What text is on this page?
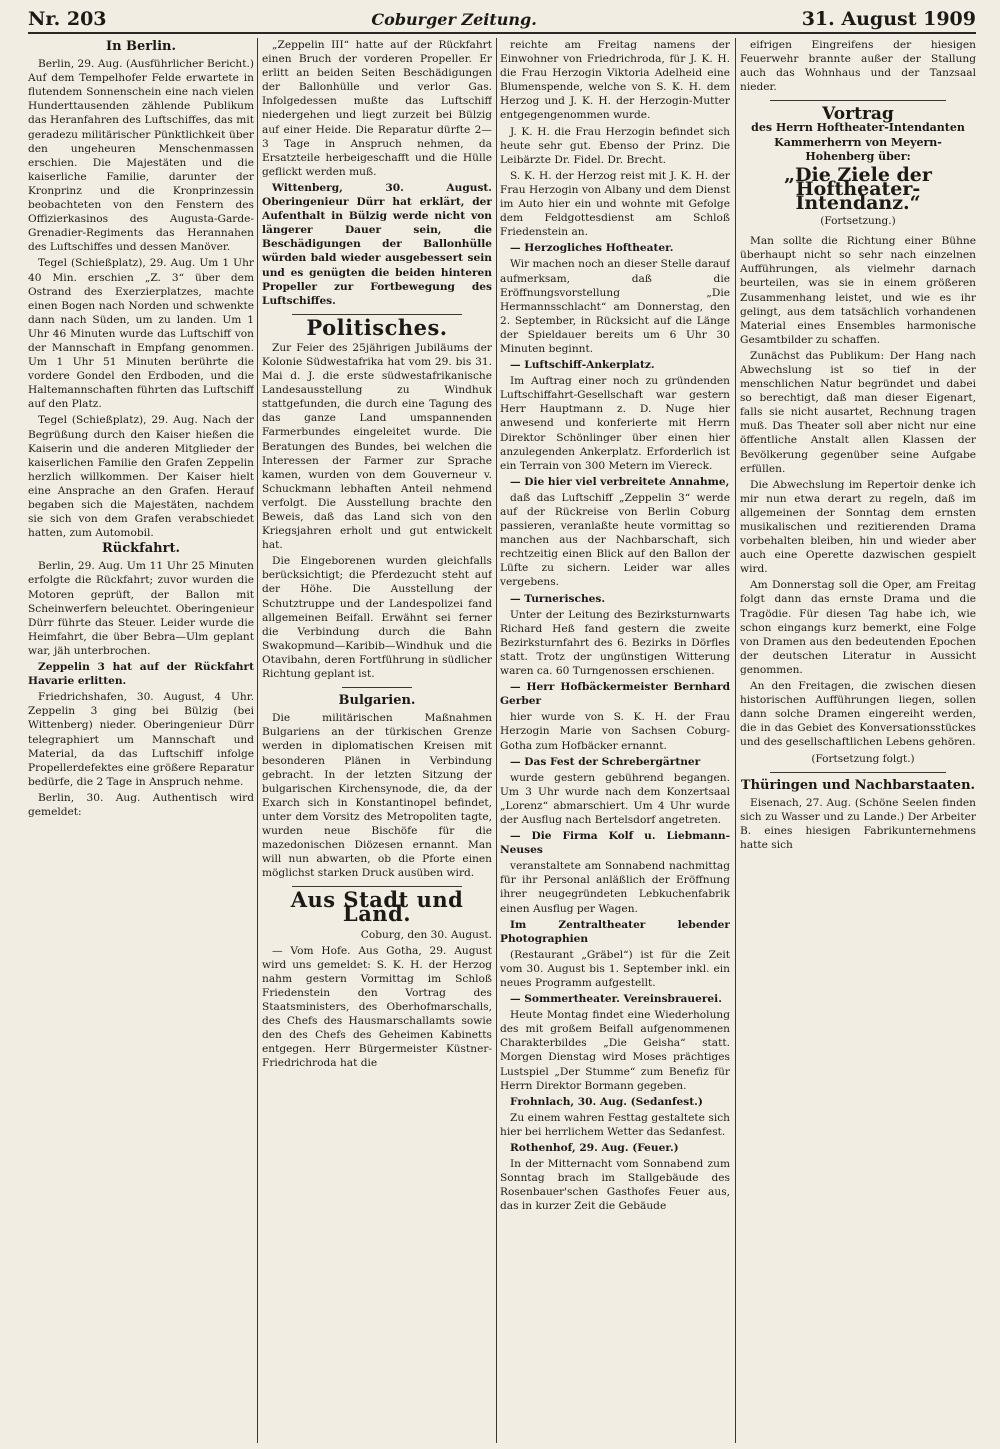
Nr. 203	Coburger Zeitung.	31. August 1909
In Berlin.

Berlin, 29. Aug. (Ausführlicher Bericht.) Auf dem Tempelhofer Felde erwartete in flutendem Sonnenschein eine nach vielen Hunderttausenden zählende Publikum das Heranfahren des Luftschiffes, das mit geradezu militärischer Pünktlichkeit über den ungeheuren Menschenmassen erschien. Die Majestäten und die kaiserliche Familie, darunter der Kronprinz und die Kronprinzessin beobachteten von den Fenstern des Offizierkasinos des Augusta-Garde-Grenadier-Regiments das Herannahen des Luftschiffes und dessen Manöver.

Tegel (Schießplatz), 29. Aug. Um 1 Uhr 40 Min. erschien „Z. 3“ über dem Ostrand des Exerzierplatzes, machte einen Bogen nach Norden und schwenkte dann nach Süden, um zu landen. Um 1 Uhr 46 Minuten wurde das Luftschiff von der Mannschaft in Empfang genommen. Um 1 Uhr 51 Minuten berührte die vordere Gondel den Erdboden, und die Haltemannschaften führten das Luftschiff auf den Platz.

Tegel (Schießplatz), 29. Aug. Nach der Begrüßung durch den Kaiser hießen die Kaiserin und die anderen Mitglieder der kaiserlichen Familie den Grafen Zeppelin herzlich willkommen. Der Kaiser hielt eine Ansprache an den Grafen. Herauf begaben sich die Majestäten, nachdem sie sich von dem Grafen verabschiedet hatten, zum Automobil.

Rückfahrt.

Berlin, 29. Aug. Um 11 Uhr 25 Minuten erfolgte die Rückfahrt; zuvor wurden die Motoren geprüft, der Ballon mit Scheinwerfern beleuchtet. Oberingenieur Dürr führte das Steuer. Leider wurde die Heimfahrt, die über Bebra—Ulm geplant war, jäh unterbrochen.

Zeppelin 3 hat auf der Rückfahrt Havarie erlitten.

Friedrichshafen, 30. August, 4 Uhr. Zeppelin 3 ging bei Bülzig (bei Wittenberg) nieder. Oberingenieur Dürr telegraphiert um Mannschaft und Material, da das Luftschiff infolge Propellerdefektes eine größere Reparatur bedürfe, die 2 Tage in Anspruch nehme.

Berlin, 30. Aug. Authentisch wird gemeldet:

„Zeppelin III“ hatte auf der Rückfahrt einen Bruch der vorderen Propeller. Er erlitt an beiden Seiten Beschädigungen der Ballonhülle und verlor Gas. Infolgedessen mußte das Luftschiff niedergehen und liegt zurzeit bei Bülzig auf einer Heide. Die Reparatur dürfte 2—3 Tage in Anspruch nehmen, da Ersatzteile herbeigeschafft und die Hülle geflickt werden muß.

Wittenberg, 30. August. Oberingenieur Dürr hat erklärt, der Aufenthalt in Bülzig werde nicht von längerer Dauer sein, die Beschädigungen der Ballonhülle würden bald wieder ausgebessert sein und es genügten die beiden hinteren Propeller zur Fortbewegung des Luftschiffes.

Politisches.

Zur Feier des 25jährigen Jubiläums der Kolonie Südwestafrika hat vom 29. bis 31. Mai d. J. die erste südwestafrikanische Landesausstellung zu Windhuk stattgefunden, die durch eine Tagung des das ganze Land umspannenden Farmerbundes eingeleitet wurde. Die Beratungen des Bundes, bei welchen die Interessen der Farmer zur Sprache kamen, wurden von dem Gouverneur v. Schuckmann lebhaften Anteil nehmend verfolgt. Die Ausstellung brachte den Beweis, daß das Land sich von den Kriegsjahren erholt und gut entwickelt hat.

Die Eingeborenen wurden gleichfalls berücksichtigt; die Pferdezucht steht auf der Höhe. Die Ausstellung der Schutztruppe und der Landespolizei fand allgemeinen Beifall. Erwähnt sei ferner die Verbindung durch die Bahn Swakopmund—Karibib—Windhuk und die Otavibahn, deren Fortführung in südlicher Richtung geplant ist.

Bulgarien.

Die militärischen Maßnahmen Bulgariens an der türkischen Grenze werden in diplomatischen Kreisen mit besonderen Plänen in Verbindung gebracht. In der letzten Sitzung der bulgarischen Kirchensynode, die, da der Exarch sich in Konstantinopel befindet, unter dem Vorsitz des Metropoliten tagte, wurden neue Bischöfe für die mazedonischen Diözesen ernannt. Man will nun abwarten, ob die Pforte einen möglichst starken Druck ausüben wird.

Aus Stadt und Land.

Coburg, den 30. August.

— Vom Hofe. Aus Gotha, 29. August wird uns gemeldet: S. K. H. der Herzog nahm gestern Vormittag im Schloß Friedenstein den Vortrag des Staatsministers, des Oberhofmarschalls, des Chefs des Hausmarschallamts sowie den des Chefs des Geheimen Kabinetts entgegen. Herr Bürgermeister Küstner-Friedrichroda hat die

reichte am Freitag namens der Einwohner von Friedrichroda, für J. K. H. die Frau Herzogin Viktoria Adelheid eine Blumenspende, welche von S. K. H. dem Herzog und J. K. H. der Herzogin-Mutter entgegengenommen wurde.

J. K. H. die Frau Herzogin befindet sich heute sehr gut. Ebenso der Prinz. Die Leibärzte Dr. Fidel. Dr. Brecht.

S. K. H. der Herzog reist mit J. K. H. der Frau Herzogin von Albany und dem Dienst im Auto hier ein und wohnte mit Gefolge dem Feldgottesdienst am Schloß Friedenstein an.

— Herzogliches Hoftheater.

Wir machen noch an dieser Stelle darauf aufmerksam, daß die Eröffnungsvorstellung „Die Hermannsschlacht“ am Donnerstag, den 2. September, in Rücksicht auf die Länge der Spieldauer bereits um 6 Uhr 30 Minuten beginnt.

— Luftschiff-Ankerplatz.

Im Auftrag einer noch zu gründenden Luftschiffahrt-Gesellschaft war gestern Herr Hauptmann z. D. Nuge hier anwesend und konferierte mit Herrn Direktor Schönlinger über einen hier anzulegenden Ankerplatz. Erforderlich ist ein Terrain von 300 Metern im Viereck.

— Die hier viel verbreitete Annahme,

daß das Luftschiff „Zeppelin 3“ werde auf der Rückreise von Berlin Coburg passieren, veranlaßte heute vormittag so manchen aus der Nachbarschaft, sich rechtzeitig einen Blick auf den Ballon der Lüfte zu sichern. Leider war alles vergebens.

— Turnerisches.

Unter der Leitung des Bezirksturnwarts Richard Heß fand gestern die zweite Bezirksturnfahrt des 6. Bezirks in Dörfles statt. Trotz der ungünstigen Witterung waren ca. 60 Turngenossen erschienen.

— Herr Hofbäckermeister Bernhard Gerber

hier wurde von S. K. H. der Frau Herzogin Marie von Sachsen Coburg-Gotha zum Hofbäcker ernannt.

— Das Fest der Schrebergärtner

wurde gestern gebührend begangen. Um 3 Uhr wurde nach dem Konzertsaal „Lorenz“ abmarschiert. Um 4 Uhr wurde der Ausflug nach Bertelsdorf angetreten.

— Die Firma Kolf u. Liebmann-Neuses

veranstaltete am Sonnabend nachmittag für ihr Personal anläßlich der Eröffnung ihrer neugegründeten Lebkuchenfabrik einen Ausflug per Wagen.

Im Zentraltheater lebender Photographien

(Restaurant „Gräbel“) ist für die Zeit vom 30. August bis 1. September inkl. ein neues Programm aufgestellt.

— Sommertheater. Vereinsbrauerei.

Heute Montag findet eine Wiederholung des mit großem Beifall aufgenommenen Charakterbildes „Die Geisha“ statt. Morgen Dienstag wird Moses prächtiges Lustspiel „Der Stumme“ zum Benefiz für Herrn Direktor Bormann gegeben.

Frohnlach, 30. Aug. (Sedanfest.)

Zu einem wahren Festtag gestaltete sich hier bei herrlichem Wetter das Sedanfest.

Rothenhof, 29. Aug. (Feuer.)

In der Mitternacht vom Sonnabend zum Sonntag brach im Stallgebäude des Rosenbauer'schen Gasthofes Feuer aus, das in kurzer Zeit die Gebäude

eifrigen Eingreifens der hiesigen Feuerwehr brannte außer der Stallung auch das Wohnhaus und der Tanzsaal nieder.

Vortrag
des Herrn Hoftheater-Intendanten Kammerherrn von Meyern-Hohenberg über:
„Die Ziele der Hoftheater-Intendanz.“
(Fortsetzung.)

Man sollte die Richtung einer Bühne überhaupt nicht so sehr nach einzelnen Aufführungen, als vielmehr darnach beurteilen, was sie in einem größeren Zusammenhang leistet, und wie es ihr gelingt, aus dem tatsächlich vorhandenen Material eines Ensembles harmonische Gesamtbilder zu schaffen.

Zunächst das Publikum: Der Hang nach Abwechslung ist so tief in der menschlichen Natur begründet und dabei so berechtigt, daß man dieser Eigenart, falls sie nicht ausartet, Rechnung tragen muß. Das Theater soll aber nicht nur eine öffentliche Anstalt allen Klassen der Bevölkerung gegenüber seine Aufgabe erfüllen.

Die Abwechslung im Repertoir denke ich mir nun etwa derart zu regeln, daß im allgemeinen der Sonntag dem ernsten musikalischen und rezitierenden Drama vorbehalten bleiben, hin und wieder aber auch eine Operette dazwischen gespielt wird.

Am Donnerstag soll die Oper, am Freitag folgt dann das ernste Drama und die Tragödie. Für diesen Tag habe ich, wie schon eingangs kurz bemerkt, eine Folge von Dramen aus den bedeutenden Epochen der deutschen Literatur in Aussicht genommen.

An den Freitagen, die zwischen diesen historischen Aufführungen liegen, sollen dann solche Dramen eingereiht werden, die in das Gebiet des Konversationsstückes und des gesellschaftlichen Lebens gehören.

(Fortsetzung folgt.)

Thüringen und Nachbarstaaten.

Eisenach, 27. Aug. (Schöne Seelen finden sich zu Wasser und zu Lande.) Der Arbeiter B. eines hiesigen Fabrikunternehmens hatte sich
